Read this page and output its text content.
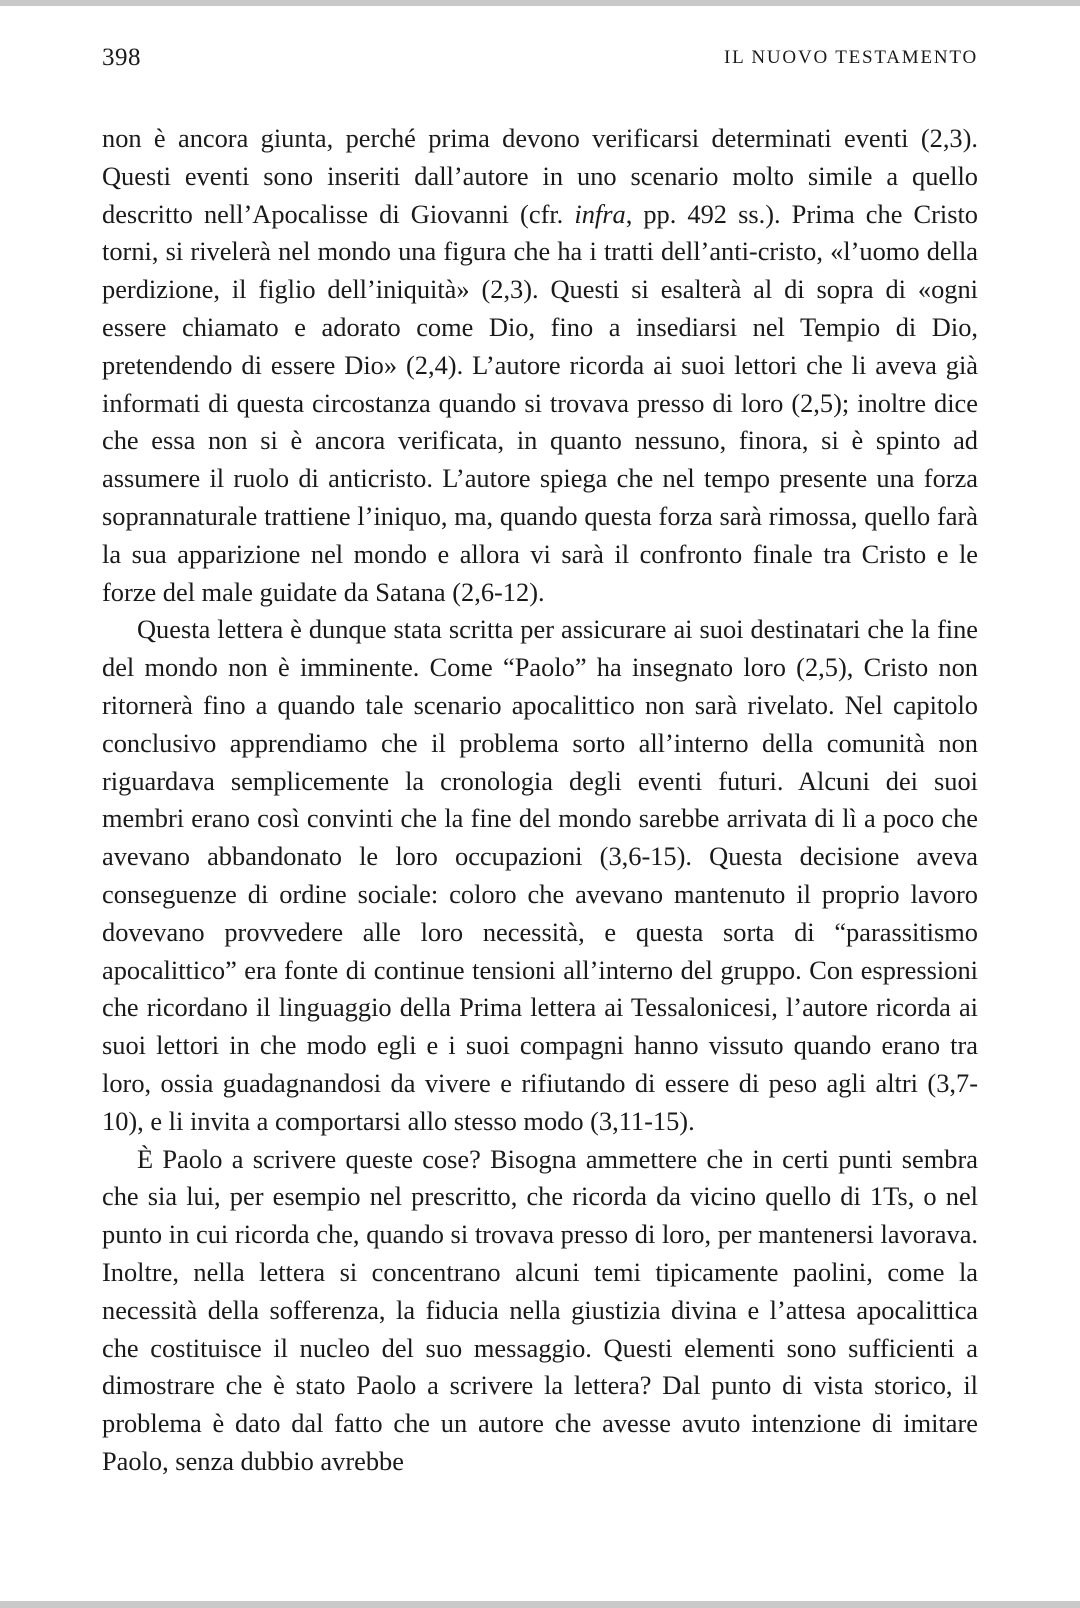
398	IL NUOVO TESTAMENTO

non è ancora giunta, perché prima devono verificarsi determinati eventi (2,3). Questi eventi sono inseriti dall’autore in uno scenario molto simile a quello descritto nell’Apocalisse di Giovanni (cfr. infra, pp. 492 ss.). Prima che Cristo torni, si rivelerà nel mondo una figura che ha i tratti dell’anti-cristo, «l’uomo della perdizione, il figlio dell’iniquità» (2,3). Questi si esalterà al di sopra di «ogni essere chiamato e adorato come Dio, fino a insediarsi nel Tempio di Dio, pretendendo di essere Dio» (2,4). L’autore ricorda ai suoi lettori che li aveva già informati di questa circostanza quando si trovava presso di loro (2,5); inoltre dice che essa non si è ancora verificata, in quanto nessuno, finora, si è spinto ad assumere il ruolo di anticristo. L’autore spiega che nel tempo presente una forza soprannaturale trattiene l’iniquo, ma, quando questa forza sarà rimossa, quello farà la sua apparizione nel mondo e allora vi sarà il confronto finale tra Cristo e le forze del male guidate da Satana (2,6-12).

Questa lettera è dunque stata scritta per assicurare ai suoi destinatari che la fine del mondo non è imminente. Come “Paolo” ha insegnato loro (2,5), Cristo non ritornerà fino a quando tale scenario apocalittico non sarà rivelato. Nel capitolo conclusivo apprendiamo che il problema sorto all’interno della comunità non riguardava semplicemente la cronologia degli eventi futuri. Alcuni dei suoi membri erano così convinti che la fine del mondo sarebbe arrivata di lì a poco che avevano abbandonato le loro occupazioni (3,6-15). Questa decisione aveva conseguenze di ordine sociale: coloro che avevano mantenuto il proprio lavoro dovevano provvedere alle loro necessità, e questa sorta di “parassitismo apocalittico” era fonte di continue tensioni all’interno del gruppo. Con espressioni che ricordano il linguaggio della Prima lettera ai Tessalonicesi, l’autore ricorda ai suoi lettori in che modo egli e i suoi compagni hanno vissuto quando erano tra loro, ossia guadagnandosi da vivere e rifiutando di essere di peso agli altri (3,7-10), e li invita a comportarsi allo stesso modo (3,11-15).

È Paolo a scrivere queste cose? Bisogna ammettere che in certi punti sembra che sia lui, per esempio nel prescritto, che ricorda da vicino quello di 1Ts, o nel punto in cui ricorda che, quando si trovava presso di loro, per mantenersi lavorava. Inoltre, nella lettera si concentrano alcuni temi tipicamente paolini, come la necessità della sofferenza, la fiducia nella giustizia divina e l’attesa apocalittica che costituisce il nucleo del suo messaggio. Questi elementi sono sufficienti a dimostrare che è stato Paolo a scrivere la lettera? Dal punto di vista storico, il problema è dato dal fatto che un autore che avesse avuto intenzione di imitare Paolo, senza dubbio avrebbe
